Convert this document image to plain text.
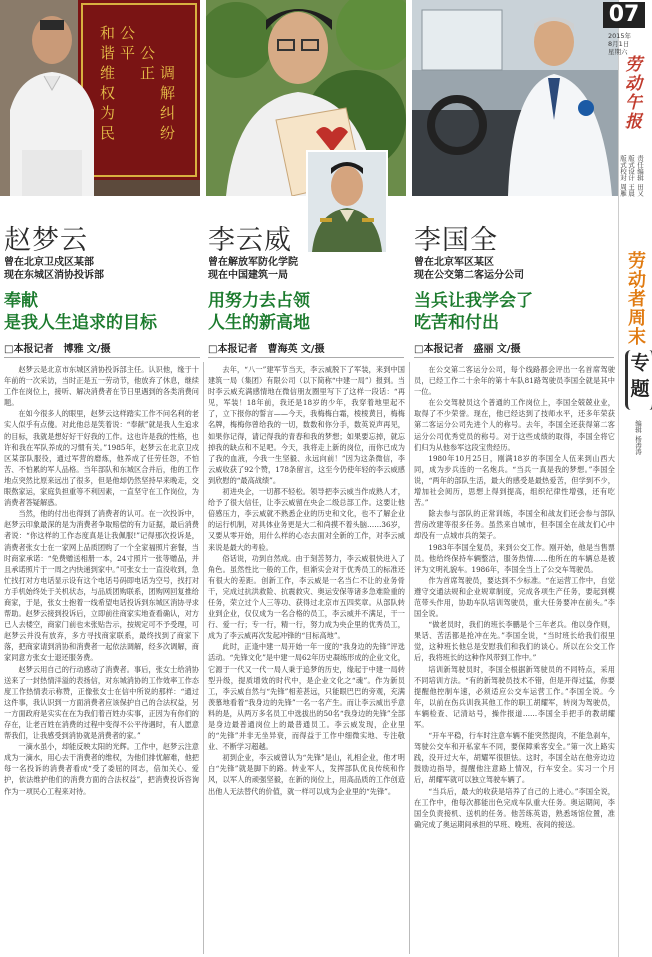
和
谐
维
权
为
民
公
平 公
正 调
解
纠
纷
赵梦云
曾在北京卫戍区某部
现在东城区消协投诉部
奉献
是我人生追求的目标
□本报记者　博雅 文/摄
李云威
曾在解放军防化学院
现在中国建筑一局
用努力去占领
人生的新高地
□本报记者　曹海英 文/摄
李国全
曾在北京军区某区
现在公交第二客运分公司
当兵让我学会了
吃苦和付出
□本报记者　盛丽 文/摄

赵梦云是北京市东城区消协投诉部主任。认识他，缘于十年前的一次采访，当时正是五一劳动节，他放弃了休息，继续工作在岗位上，接听、解决消费者在节日里遇到的各类消费问题。

在如今很多人的眼里，赵梦云这样踏实工作不问名利的老实人似乎有点傻。对此他总是笑着说：“奉献”就是我人生追求的目标，我就是想好好干好我的工作。这也许是我的性格，也许和我在军队养成的习惯有关。”1985年，赵梦云在北京卫戍区某部队服役，通过军营的磨炼，他养成了任劳任怨，不怕苦、不怕累的军人品格。当年部队和东城区合并后，他的工作地点突然比原来远出了很多，但是他却仍然坚持早来晚走，交眼熬家运，家庭负担重等不利因素，一直坚守在工作岗位，为消费者答疑解惑。

当然，他的付出也得到了消费者的认可。在一次投诉中，赵梦云印象最深的是为消费者争取赔偿的有力证据，最后消费者说：“你这样的工作态度真是让我佩服!”记得那次投诉是，消费者张女士在一家网上品质团购了一个全家福照片套餐，当时商家承诺：“免费赠送相册一本，24寸照片一张等赠品，并且承诺照片于一周之内快递到家中。”可张女士一直没收到，急忙找打对方电话显示设有这个电话号码即电话为空号，找打对方手机始终处于关机状态，与品质团购联系，团购网回复推给商家，于是，张女士抱着一线希望电话投诉到东城区消协寻求帮助。赵梦云接到投诉后，立即前往商家实地查看确认，对方已人去楼空，商家门前也未张贴告示，按规定可不予受理，可赵梦云并没有放弃，多方寻找商家联系，最终找到了商家下落，把商家请到消协和消费者一起依法调解，经多次调解，商家同意方张女士退还服务费。

赵梦云用自己的行动感动了消费者。事后，张女士给消协送来了一封热情洋溢的表扬信，对东城消协的工作效率工作态度工作热情表示称赞，正像张女士在信中所说的那样：“通过这件事，我认识到一方面消费者应该保护自己的合法权益，另一方面政府是实实在在为我们着百姓办实事，正因为有你们的存在，让老百姓在消费的过程中变得不公平待遇时，有人愿意帮我们，让我感受到消协就是消费者的家。”

一滴水虽小，却能反映太阳的光辉。工作中，赵梦云注意成为一滴水，用心去干消费者的维权，为他们排忧解难，他把每一名投诉的消费者看成“受了委屈的同志，倍加关心、爱护，依法维护他们的消费方面的合法权益”，把消费投诉咨询作为一项民心工程来对待。

去年，“八一”建军节当天，李云威脱下了军装，来到中国建筑一局（集团）有限公司（以下简称“中建一局”）报到。当时李云威充满感情地在微信朋友圈里写下了这样一段话：“再见，军装！18年前，我还是18岁的少年，我穿着地里起不了，立下报你的誓言——今天，我梅梅白霜，棱棱黄吕，梅梅名牌，梅梅你曾给我的一切，数数和你分手，数英说声再见，如果你记得，请记得我的青春和我的梦想；如果要忘掉，就忘掉我的缺点和不足吧。今天，我将走上新的岗位，而你已成为了我的血液，今我一生坚毅、永远向前！”因为这条微信，李云威收获了92个赞，178条留言，这至今仍使年轻的李云威感到欣慰的“最高战绩”。

初进央企，一切都不轻松。领导把李云威当作成熟人才，给予了很大信任，让李云威留在央企二级总部工作。这要让他倍感压力，李云威就不熟悉企业的历史和文化，也不了解企业的运行机制，对具体业务更是大二和尚摸不着头脑……36岁，又要从零开始，用什么样的心态去面对全新的工作，对李云威来说是最大的考验。

俗话说，功到自然成。由于刻苦努力，李云威很快进入了角色。虽然性比一般的工作，但渐实会对于优秀员工的标准还有很大的差距。创新工作，李云威是一名当仁不让的业务骨干，完成过抗洪救险、抗震救灾、奥运安保等诸多急难险重的任务，荣立过个人三等功、获得过北京市五四奖章。从部队转业到企业，仅仅成为一名合格的员工，李云威并不满足，干一行、爱一行；专一行，精一行，努力成为央企里的优秀员工，成为了李云威再次发起冲锋的“目标高地”。

此时，正逢中建一局开始一年一度的“我身边的先锋”评选活动。“先锋文化”是中建一局62年历史凝练形成的企业文化，它源于一代又一代一局人秉于追梦的历史，缘起于中建一局转型升级，提质增效的时代中，是企业文化之“魂”。作为新员工，李云威自然与“先锋”相差甚远，只能眼巴巴的旁观，充满羡慕地看着“我身边的先锋”一名一名产生。而让李云威出乎意料的是，从两万多名员工中选拔出的50名“我身边的先锋”全部是身边最普通岗位上的最普通员工。李云威发现，企业里的“先锋”并非无坐异衰，而得益于工作中细微实地、专注敬业、不断学习超越。

初到企业，李云威曾认为“先锋”是山，礼相企业，他才明白“先锋”就是脚下的路。转业军人，发挥部队优良传统和作风，以军人的顽强坚毅，在新的岗位上，用高品质的工作创造出他人无法替代的价值，就一样可以成为企业里的“先锋”。

在公交第二客运分公司，每个线路都会评出一名首席驾驶员，已经工作二十余年的第十车队81路驾驶员李国全就是其中一位。

在公交驾驶员这个普通的工作岗位上，李国全兢兢业业，取得了不少荣誉。现在，他已经达到了技师水平，还多年荣获第二客运分公司先进个人的称号。去年，李国全还获得第二客运分公司优秀党员的称号。对于这些成绩的取得，李国全将它们归为从他参军这段宝贵经历。

1980年10月25日，刚满18岁的李国全人伍来到山西大同，成为步兵连的一名炮兵。“当兵一真是我的梦想。”李国全说，“两年的部队生活，最大的感受是最热爱苦，但学到不少，增加社会阅历，思想上得到提高，组织纪律性增强，还有吃苦。”

除去参与部队的正常训练，李国全和战友们还会参与部队营房改建等很多任务。虽然来自城市，但李国全在战友们心中却没有一点城市兵的架子。

1983年李国全复员，来到公交工作。刚开始，他是当售票员。他给终保持车辆整洁，服务热情……他所在的车辆总是被评为文明礼貌车。1986年，李国全当上了公交车驾驶员。

作为首席驾驶员，要达到不少标准。“在运营工作中，自觉遵守交通法规和企业规章制度，完成各项生产任务，要起到模范带头作用，协助车队培训驾驶员，重大任务要冲在前头。”李国全说。

“做老员时，我们的班长李鹏是个三年老兵。他以身作则，果话、苦活都是抢冲在先。”李国全说，“当时班长给我们很里觉，这种班长他总是安慰我们和我们的谈心。所以在公交工作后，我将班长的这种作风带到工作中。”

培训新驾驶员时，李国全根据新驾驶员的不同特点，采用不同培训方法。“有的新驾驶员技术不错，但是开得过猛，你要提醒他控制车速，必须适应公交车运营工作。”李国全说。今年，以前在伤兵训我其他工作的职工胡耀军，转岗为驾驶员，车辆检查、记清站号，操作报道……李国全手把手的教胡耀军。

“开车平稳，行车时注意车辆不能突然提肉，不能急刹车，驾驶公交车和开私家车不同，要保障乘客安全。”第一次上路实践，没开过大车，胡耀军很胆怯。这时，李国全站在他旁边边鼓励边指导，提醒他注意路上情况，行车安全。实习一个月后，胡耀军就可以独立驾驶车辆了。

“当兵后，最大的收获是培养了自己的上进心。”李国全说，在工作中，他每次都能出色完成车队重大任务。奥运期间，李国全负责接机、送机的任务。他苦练英语，熟悉场馆位置，准确完成了奥运期间承担的早班、晚班、夜间的接送。

07
2015年
8月1日
星期六
劳动午报
责任编辑 田又
版式设计 王晨
版式校对 周雁
劳动者周末
专题
编辑 杨涛涛
